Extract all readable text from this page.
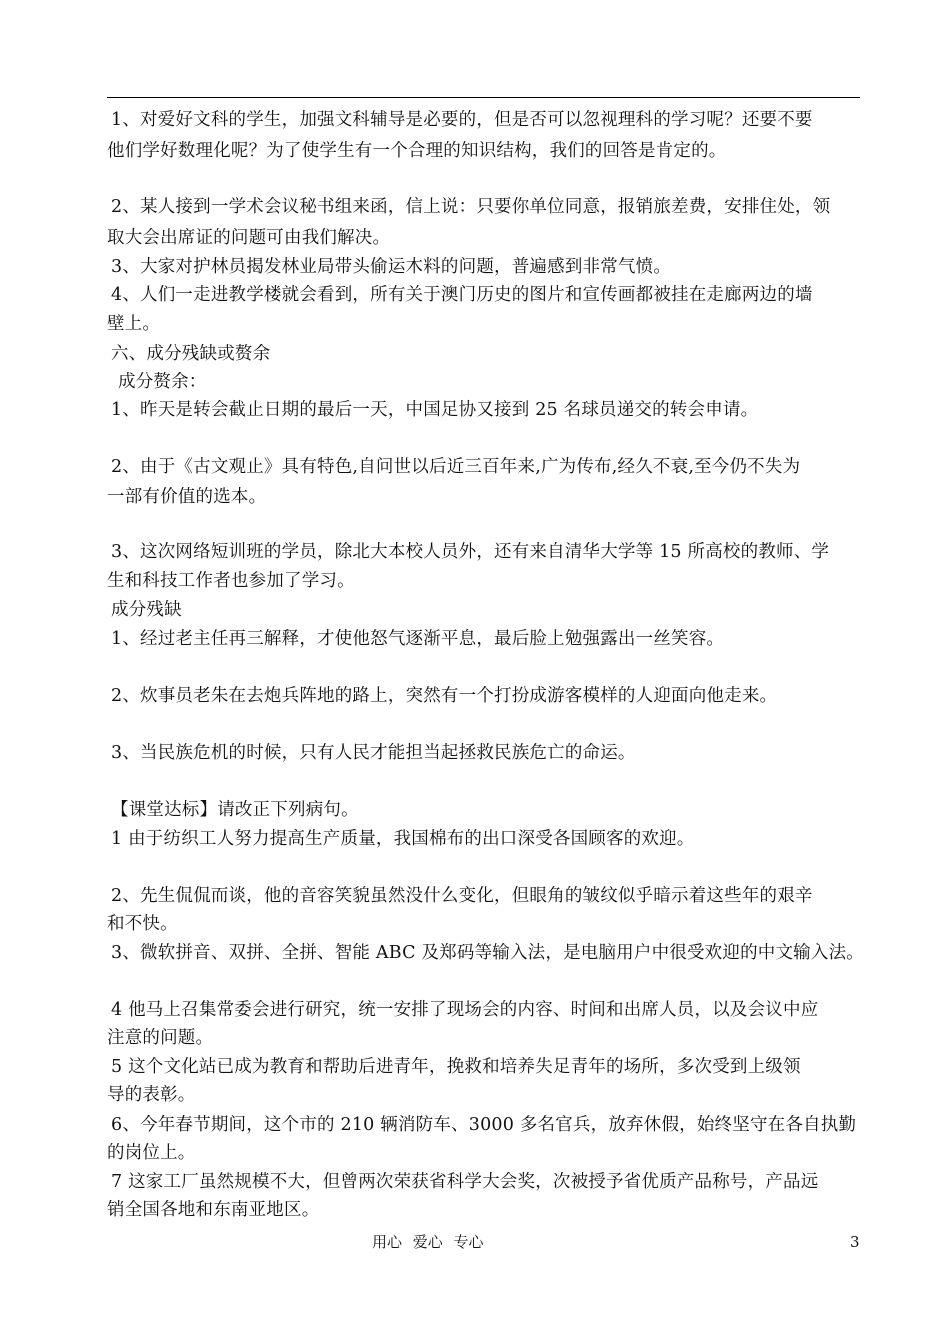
1、对爱好文科的学生，加强文科辅导是必要的，但是否可以忽视理科的学习呢？还要不要
他们学好数理化呢？为了使学生有一个合理的知识结构，我们的回答是肯定的。
2、某人接到一学术会议秘书组来函，信上说：只要你单位同意，报销旅差费，安排住处，领
取大会出席证的问题可由我们解决。
3、大家对护林员揭发林业局带头偷运木料的问题，普遍感到非常气愤。
4、人们一走进教学楼就会看到，所有关于澳门历史的图片和宣传画都被挂在走廊两边的墙
壁上。
六、成分残缺或赘余
成分赘余：
1、昨天是转会截止日期的最后一天，中国足协又接到 25 名球员递交的转会申请。
2、由于《古文观止》具有特色,自问世以后近三百年来,广为传布,经久不衰,至今仍不失为
一部有价值的选本。
3、这次网络短训班的学员，除北大本校人员外，还有来自清华大学等 15 所高校的教师、学
生和科技工作者也参加了学习。
成分残缺
1、经过老主任再三解释，才使他怒气逐渐平息，最后脸上勉强露出一丝笑容。
2、炊事员老朱在去炮兵阵地的路上，突然有一个打扮成游客模样的人迎面向他走来。
3、当民族危机的时候，只有人民才能担当起拯救民族危亡的命运。
【课堂达标】请改正下列病句。
1 由于纺织工人努力提高生产质量，我国棉布的出口深受各国顾客的欢迎。
2、先生侃侃而谈，他的音容笑貌虽然没什么变化，但眼角的皱纹似乎暗示着这些年的艰辛
和不快。
3、微软拼音、双拼、全拼、智能 ABC 及郑码等输入法，是电脑用户中很受欢迎的中文输入法。
4 他马上召集常委会进行研究，统一安排了现场会的内容、时间和出席人员，以及会议中应
注意的问题。
5 这个文化站已成为教育和帮助后进青年，挽救和培养失足青年的场所，多次受到上级领
导的表彰。
6、今年春节期间，这个市的 210 辆消防车、3000 多名官兵，放弃休假，始终坚守在各自执勤
的岗位上。
7 这家工厂虽然规模不大，但曾两次荣获省科学大会奖，次被授予省优质产品称号，产品远
销全国各地和东南亚地区。
用心 爱心 专心	3
